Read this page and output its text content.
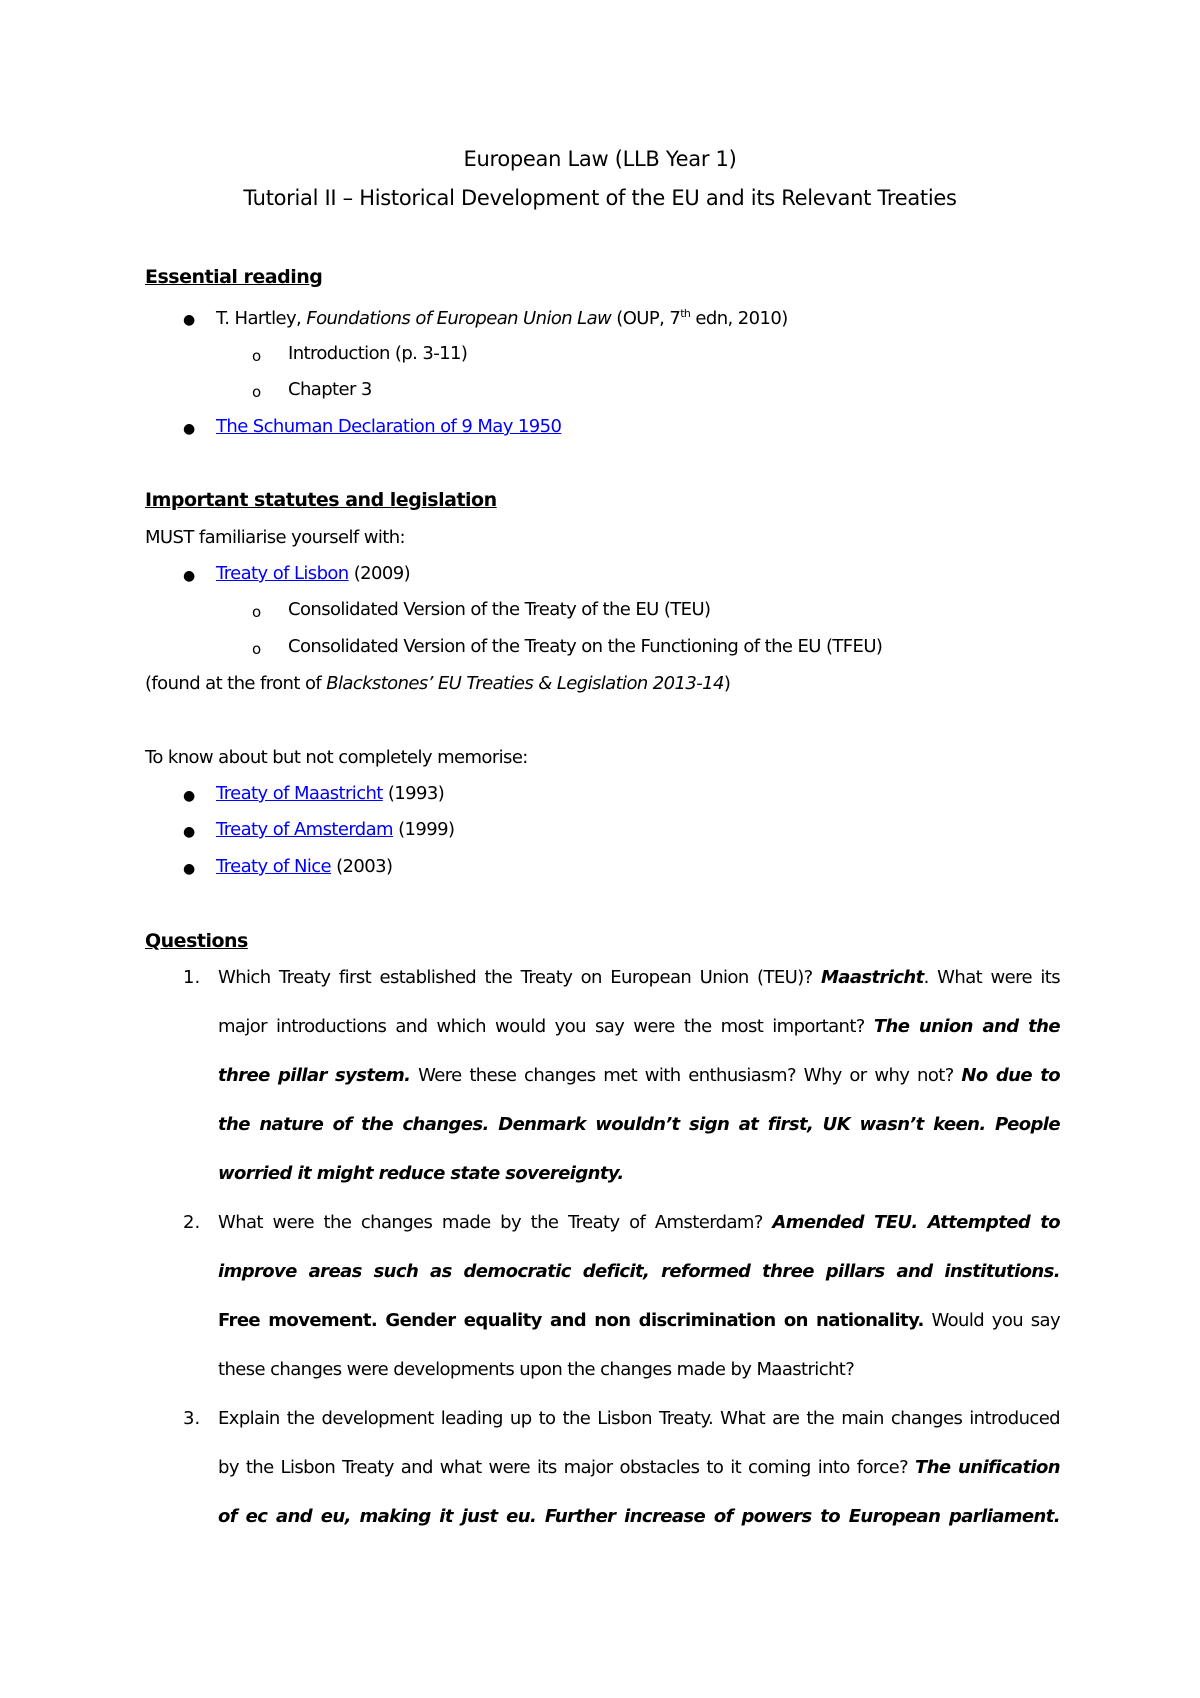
European Law (LLB Year 1)
Tutorial II – Historical Development of the EU and its Relevant Treaties
Essential reading
● T. Hartley, Foundations of European Union Law (OUP, 7th edn, 2010)
o Introduction (p. 3-11)
o Chapter 3
● The Schuman Declaration of 9 May 1950
Important statutes and legislation
MUST familiarise yourself with:
● Treaty of Lisbon (2009)
o Consolidated Version of the Treaty of the EU (TEU)
o Consolidated Version of the Treaty on the Functioning of the EU (TFEU)
(found at the front of Blackstones’ EU Treaties & Legislation 2013-14)
To know about but not completely memorise:
● Treaty of Maastricht (1993)
● Treaty of Amsterdam (1999)
● Treaty of Nice (2003)
Questions
1. Which Treaty first established the Treaty on European Union (TEU)? Maastricht. What were its
major introductions and which would you say were the most important? The union and the
three pillar system. Were these changes met with enthusiasm? Why or why not? No due to
the nature of the changes. Denmark wouldn’t sign at first, UK wasn’t keen. People
worried it might reduce state sovereignty.
2. What were the changes made by the Treaty of Amsterdam? Amended TEU. Attempted to
improve areas such as democratic deficit, reformed three pillars and institutions.
Free movement. Gender equality and non discrimination on nationality. Would you say
these changes were developments upon the changes made by Maastricht?
3. Explain the development leading up to the Lisbon Treaty. What are the main changes introduced
by the Lisbon Treaty and what were its major obstacles to it coming into force? The unification
of ec and eu, making it just eu. Further increase of powers to European parliament.
